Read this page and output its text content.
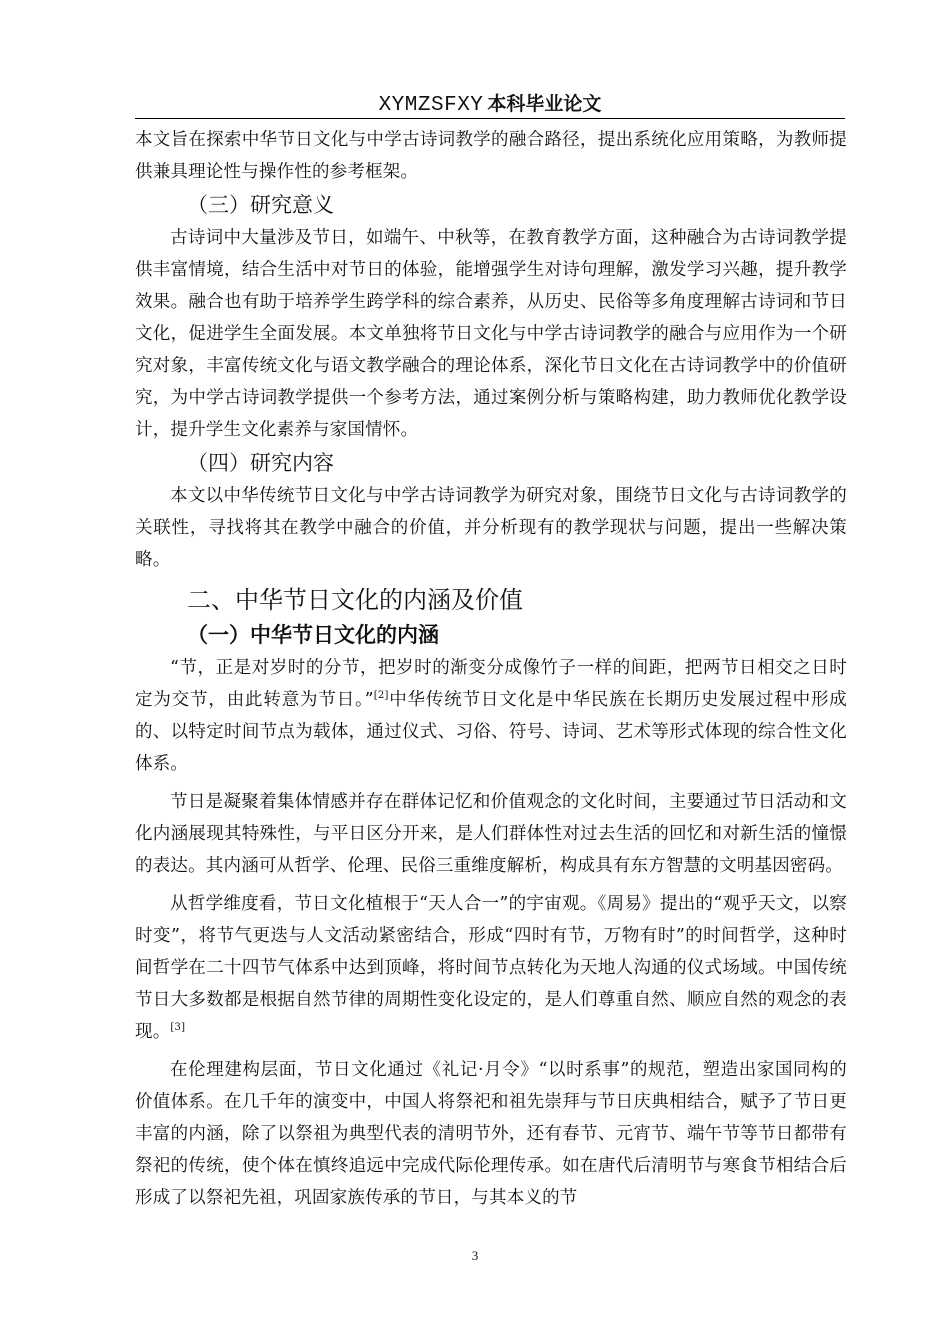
XYMZSFXY 本科毕业论文

本文旨在探索中华节日文化与中学古诗词教学的融合路径，提出系统化应用策略，为教师提供兼具理论性与操作性的参考框架。

（三）研究意义

古诗词中大量涉及节日，如端午、中秋等，在教育教学方面，这种融合为古诗词教学提供丰富情境，结合生活中对节日的体验，能增强学生对诗句理解，激发学习兴趣，提升教学效果。融合也有助于培养学生跨学科的综合素养，从历史、民俗等多角度理解古诗词和节日文化，促进学生全面发展。本文单独将节日文化与中学古诗词教学的融合与应用作为一个研究对象，丰富传统文化与语文教学融合的理论体系，深化节日文化在古诗词教学中的价值研究，为中学古诗词教学提供一个参考方法，通过案例分析与策略构建，助力教师优化教学设计，提升学生文化素养与家国情怀。

（四）研究内容

本文以中华传统节日文化与中学古诗词教学为研究对象，围绕节日文化与古诗词教学的关联性，寻找将其在教学中融合的价值，并分析现有的教学现状与问题，提出一些解决策略。

二、中华节日文化的内涵及价值
（一）中华节日文化的内涵

“节，正是对岁时的分节，把岁时的渐变分成像竹子一样的间距，把两节日相交之日时定为交节，由此转意为节日。”[2]中华传统节日文化是中华民族在长期历史发展过程中形成的、以特定时间节点为载体，通过仪式、习俗、符号、诗词、艺术等形式体现的综合性文化体系。

节日是凝聚着集体情感并存在群体记忆和价值观念的文化时间，主要通过节日活动和文化内涵展现其特殊性，与平日区分开来，是人们群体性对过去生活的回忆和对新生活的憧憬的表达。其内涵可从哲学、伦理、民俗三重维度解析，构成具有东方智慧的文明基因密码。

从哲学维度看，节日文化植根于“天人合一”的宇宙观。《周易》提出的“观乎天文，以察时变”，将节气更迭与人文活动紧密结合，形成“四时有节，万物有时”的时间哲学，这种时间哲学在二十四节气体系中达到顶峰，将时间节点转化为天地人沟通的仪式场域。中国传统节日大多数都是根据自然节律的周期性变化设定的，是人们尊重自然、顺应自然的观念的表现。[3]

在伦理建构层面，节日文化通过《礼记·月令》“以时系事”的规范，塑造出家国同构的价值体系。在几千年的演变中，中国人将祭祀和祖先崇拜与节日庆典相结合，赋予了节日更丰富的内涵，除了以祭祖为典型代表的清明节外，还有春节、元宵节、端午节等节日都带有祭祀的传统，使个体在慎终追远中完成代际伦理传承。如在唐代后清明节与寒食节相结合后形成了以祭祀先祖，巩固家族传承的节日，与其本义的节

3
